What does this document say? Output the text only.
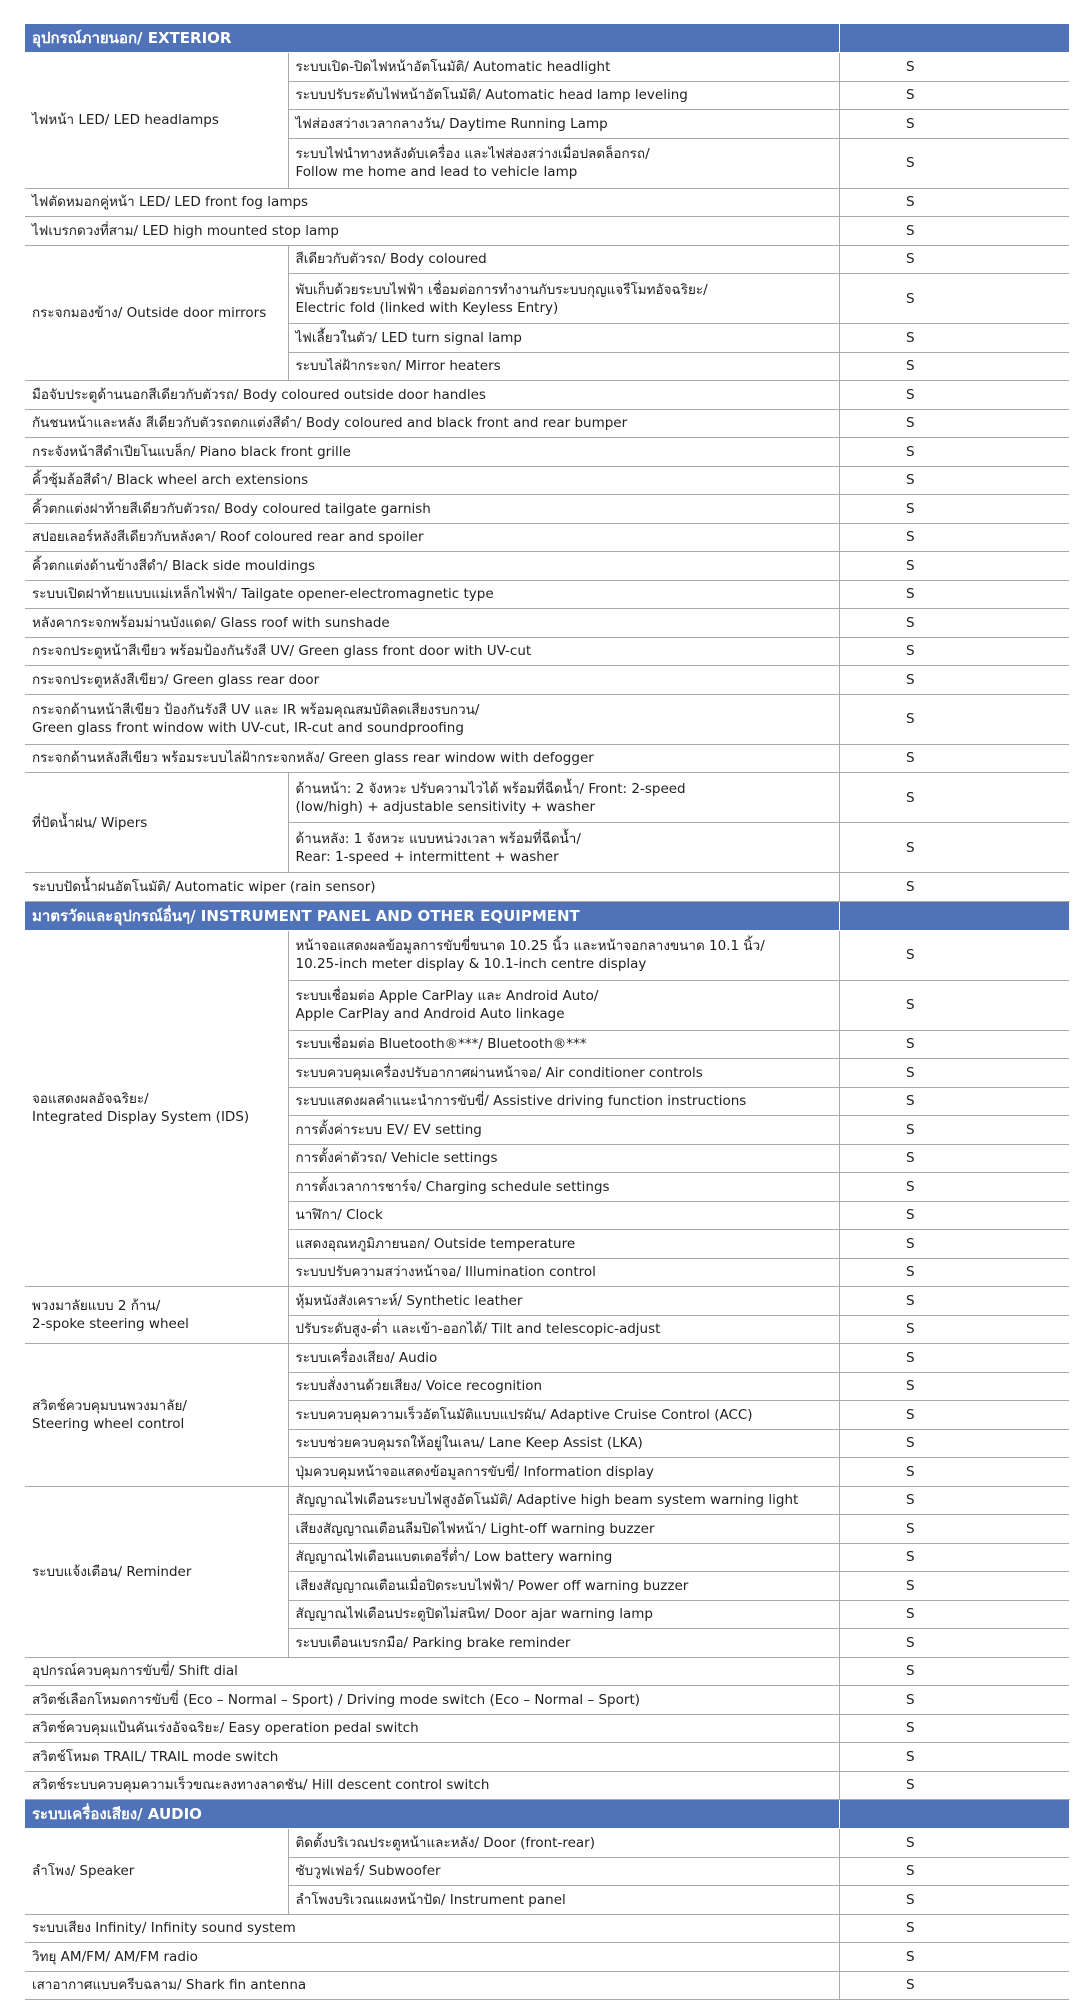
อุปกรณ์ภายนอก/ EXTERIOR		
ไฟหน้า LED/ LED headlamps	ระบบเปิด-ปิดไฟหน้าอัตโนมัติ/ Automatic headlight	S
	ระบบปรับระดับไฟหน้าอัตโนมัติ/ Automatic head lamp leveling	S
	ไฟส่องสว่างเวลากลางวัน/ Daytime Running Lamp	S
	ระบบไฟนำทางหลังดับเครื่อง และไฟส่องสว่างเมื่อปลดล็อกรถ/
Follow me home and lead to vehicle lamp	S
ไฟตัดหมอกคู่หน้า LED/ LED front fog lamps		S
ไฟเบรกดวงที่สาม/ LED high mounted stop lamp		S
กระจกมองข้าง/ Outside door mirrors	สีเดียวกับตัวรถ/ Body coloured	S
	พับเก็บด้วยระบบไฟฟ้า เชื่อมต่อการทำงานกับระบบกุญแจรีโมทอัจฉริยะ/
Electric fold (linked with Keyless Entry)	S
	ไฟเลี้ยวในตัว/ LED turn signal lamp	S
	ระบบไล่ฝ้ากระจก/ Mirror heaters	S
มือจับประตูด้านนอกสีเดียวกับตัวรถ/ Body coloured outside door handles		S
กันชนหน้าและหลัง สีเดียวกับตัวรถตกแต่งสีดำ/ Body coloured and black front and rear bumper		S
กระจังหน้าสีดำเปียโนแบล็ก/ Piano black front grille		S
คิ้วซุ้มล้อสีดำ/ Black wheel arch extensions		S
คิ้วตกแต่งฝาท้ายสีเดียวกับตัวรถ/ Body coloured tailgate garnish		S
สปอยเลอร์หลังสีเดียวกับหลังคา/ Roof coloured rear and spoiler		S
คิ้วตกแต่งด้านข้างสีดำ/ Black side mouldings		S
ระบบเปิดฝาท้ายแบบแม่เหล็กไฟฟ้า/ Tailgate opener-electromagnetic type		S
หลังคากระจกพร้อมม่านบังแดด/ Glass roof with sunshade		S
กระจกประตูหน้าสีเขียว พร้อมป้องกันรังสี UV/ Green glass front door with UV-cut		S
กระจกประตูหลังสีเขียว/ Green glass rear door		S
กระจกด้านหน้าสีเขียว ป้องกันรังสี UV และ IR พร้อมคุณสมบัติลดเสียงรบกวน/
Green glass front window with UV-cut, IR-cut and soundproofing		S
กระจกด้านหลังสีเขียว พร้อมระบบไล่ฝ้ากระจกหลัง/ Green glass rear window with defogger		S
ที่ปัดน้ำฝน/ Wipers	ด้านหน้า: 2 จังหวะ ปรับความไวได้ พร้อมที่ฉีดน้ำ/ Front: 2-speed
(low/high) + adjustable sensitivity + washer	S
	ด้านหลัง: 1 จังหวะ แบบหน่วงเวลา พร้อมที่ฉีดน้ำ/
Rear: 1-speed + intermittent + washer	S
ระบบปัดน้ำฝนอัตโนมัติ/ Automatic wiper (rain sensor)		S
มาตรวัดและอุปกรณ์อื่นๆ/ INSTRUMENT PANEL AND OTHER EQUIPMENT		
จอแสดงผลอัจฉริยะ/
Integrated Display System (IDS)	หน้าจอแสดงผลข้อมูลการขับขี่ขนาด 10.25 นิ้ว และหน้าจอกลางขนาด 10.1 นิ้ว/
10.25-inch meter display & 10.1-inch centre display	S
	ระบบเชื่อมต่อ Apple CarPlay และ Android Auto/
Apple CarPlay and Android Auto linkage	S
	ระบบเชื่อมต่อ Bluetooth®***/ Bluetooth®***	S
	ระบบควบคุมเครื่องปรับอากาศผ่านหน้าจอ/ Air conditioner controls	S
	ระบบแสดงผลคำแนะนำการขับขี่/ Assistive driving function instructions	S
	การตั้งค่าระบบ EV/ EV setting	S
	การตั้งค่าตัวรถ/ Vehicle settings	S
	การตั้งเวลาการชาร์จ/ Charging schedule settings	S
	นาฬิกา/ Clock	S
	แสดงอุณหภูมิภายนอก/ Outside temperature	S
	ระบบปรับความสว่างหน้าจอ/ Illumination control	S
พวงมาลัยแบบ 2 ก้าน/
2-spoke steering wheel	หุ้มหนังสังเคราะห์/ Synthetic leather	S
	ปรับระดับสูง-ต่ำ และเข้า-ออกได้/ Tilt and telescopic-adjust	S
สวิตช์ควบคุมบนพวงมาลัย/
Steering wheel control	ระบบเครื่องเสียง/ Audio	S
	ระบบสั่งงานด้วยเสียง/ Voice recognition	S
	ระบบควบคุมความเร็วอัตโนมัติแบบแปรผัน/ Adaptive Cruise Control (ACC)	S
	ระบบช่วยควบคุมรถให้อยู่ในเลน/ Lane Keep Assist (LKA)	S
	ปุ่มควบคุมหน้าจอแสดงข้อมูลการขับขี่/ Information display	S
ระบบแจ้งเตือน/ Reminder	สัญญาณไฟเตือนระบบไฟสูงอัตโนมัติ/ Adaptive high beam system warning light	S
	เสียงสัญญาณเตือนลืมปิดไฟหน้า/ Light-off warning buzzer	S
	สัญญาณไฟเตือนแบตเตอรี่ต่ำ/ Low battery warning	S
	เสียงสัญญาณเตือนเมื่อปิดระบบไฟฟ้า/ Power off warning buzzer	S
	สัญญาณไฟเตือนประตูปิดไม่สนิท/ Door ajar warning lamp	S
	ระบบเตือนเบรกมือ/ Parking brake reminder	S
อุปกรณ์ควบคุมการขับขี่/ Shift dial		S
สวิตช์เลือกโหมดการขับขี่ (Eco – Normal – Sport) / Driving mode switch (Eco – Normal – Sport)		S
สวิตช์ควบคุมแป้นคันเร่งอัจฉริยะ/ Easy operation pedal switch		S
สวิตช์โหมด TRAIL/ TRAIL mode switch		S
สวิตช์ระบบควบคุมความเร็วขณะลงทางลาดชัน/ Hill descent control switch		S
ระบบเครื่องเสียง/ AUDIO		
ลำโพง/ Speaker	ติดตั้งบริเวณประตูหน้าและหลัง/ Door (front-rear)	S
	ซับวูฟเฟอร์/ Subwoofer	S
	ลำโพงบริเวณแผงหน้าปัด/ Instrument panel	S
ระบบเสียง Infinity/ Infinity sound system		S
วิทยุ AM/FM/ AM/FM radio		S
เสาอากาศแบบครีบฉลาม/ Shark fin antenna		S
